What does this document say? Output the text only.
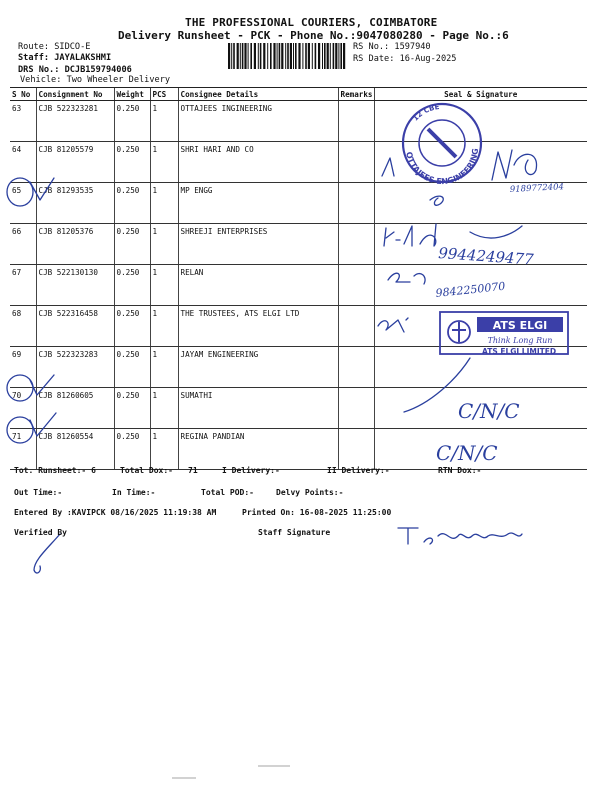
THE PROFESSIONAL COURIERS, COIMBATORE
Delivery Runsheet - PCK - Phone No.:9047080280 - Page No.:6
Route: SIDCO-E
Staff: JAYALAKSHMI
DRS No.: DCJB159794006
Vehicle: Two Wheeler Delivery
RS No.: 1597940
RS Date: 16-Aug-2025
S No	Consignment No	Weight	PCS	Consignee Details	Remarks	Seal & Signature
63	CJB 522323281	0.250	1	OTTAJEES INGINEERING		
64	CJB 81205579	0.250	1	SHRI HARI AND CO		
65	CJB 81293535	0.250	1	MP ENGG		
66	CJB 81205376	0.250	1	SHREEJI ENTERPRISES		
67	CJB 522130130	0.250	1	RELAN		
68	CJB 522316458	0.250	1	THE TRUSTEES, ATS ELGI LTD		
69	CJB 522323283	0.250	1	JAYAM ENGINEERING		
70	CJB 81260605	0.250	1	SUMATHI		
71	CJB 81260554	0.250	1	REGINA PANDIAN		
12 CBE
OTTAJEES ENGINEERING
9189772404
9944249477
9842250070
ATS ELGI
Think Long Run
ATS ELGI LIMITED
C/N/C
C/N/C
Tot. Runsheet:- 6	Total Dox:- 71	I Delivery:-	II Delivery:-	RTN Dox:-
Out Time:-	In Time:-	Total POD:-	Delvy Points:-
Entered By :KAVIPCK 08/16/2025 11:19:38 AM	Printed On: 16-08-2025 11:25:00
Verified By	Staff Signature
